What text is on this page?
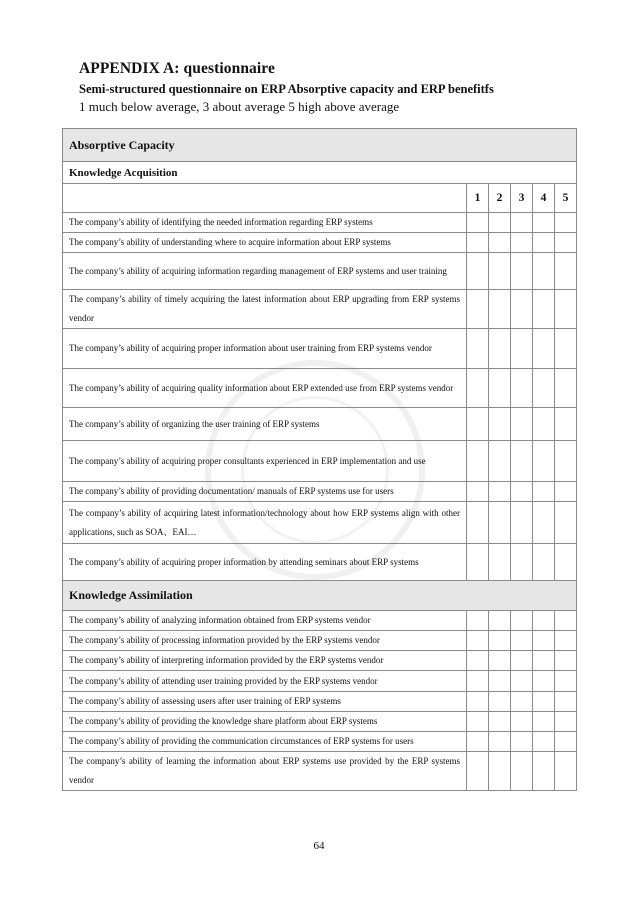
APPENDIX A: questionnaire
Semi-structured questionnaire on ERP Absorptive capacity and ERP benefitfs
1 much below average, 3 about average 5 high above average
Absorptive Capacity					
Knowledge Acquisition					
	1	2	3	4	5
The company’s ability of identifying the needed information regarding ERP systems					
The company’s ability of understanding where to acquire information about ERP systems					
The company’s ability of acquiring information regarding management of ERP systems and user training					
The company’s ability of timely acquiring the latest information about ERP upgrading from ERP systems vendor					
The company’s ability of acquiring proper information about user training from ERP systems vendor					
The company’s ability of acquiring quality information about ERP extended use from ERP systems vendor					
The company’s ability of organizing the user training of ERP systems					
The company’s ability of acquiring proper consultants experienced in ERP implementation and use					
The company’s ability of providing documentation/ manuals of ERP systems use for users					
The company’s ability of acquiring latest information/technology about how ERP systems align with other applications, such as SOA、EAI…					
The company’s ability of acquiring proper information by attending seminars about ERP systems					
Knowledge Assimilation					
The company’s ability of analyzing information obtained from ERP systems vendor					
The company’s ability of processing information provided by the ERP systems vendor					
The company’s ability of interpreting information provided by the ERP systems vendor					
The company’s ability of attending user training provided by the ERP systems vendor					
The company’s ability of assessing users after user training of ERP systems					
The company’s ability of providing the knowledge share platform about ERP systems					
The company’s ability of providing the communication circumstances of ERP systems for users					
The company’s ability of learning the information about ERP systems use provided by the ERP systems vendor					
64
